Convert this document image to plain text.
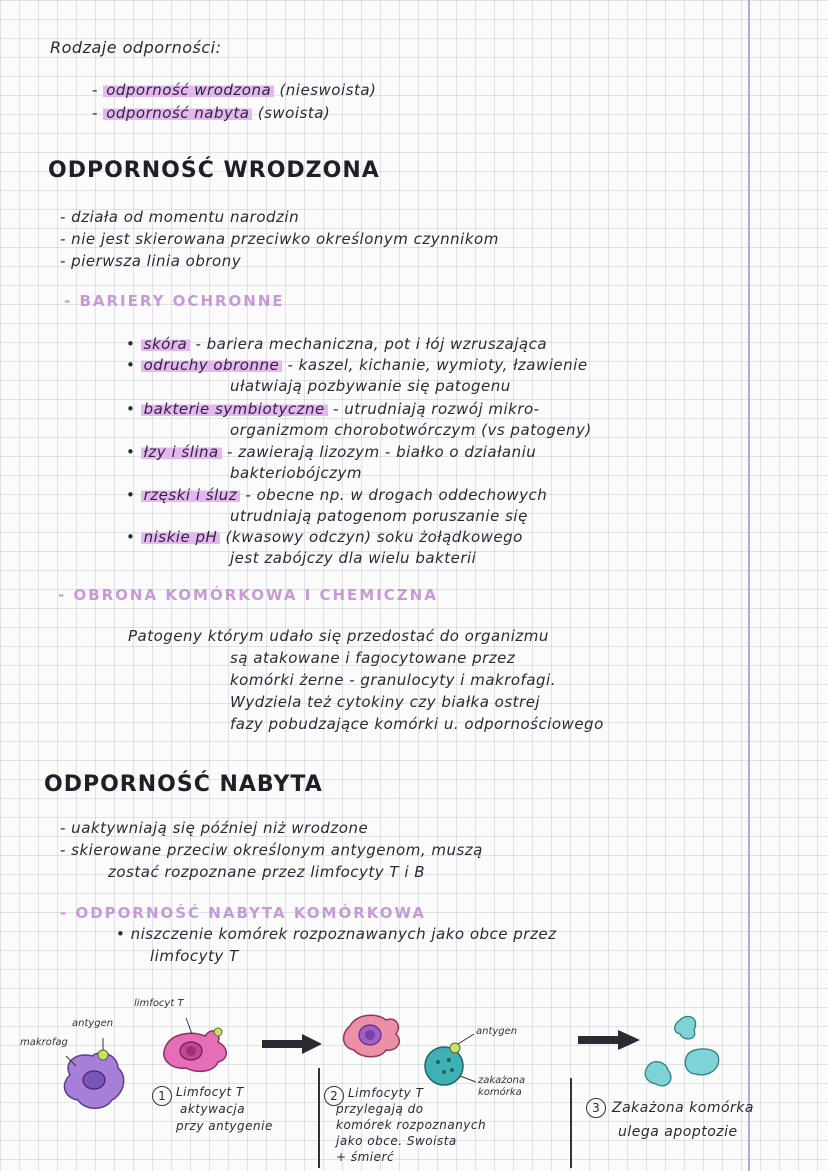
Rodzaje odporności:
- odporność wrodzona (nieswoista)
- odporność nabyta (swoista)
ODPORNOŚĆ WRODZONA
- działa od momentu narodzin
- nie jest skierowana przeciwko określonym czynnikom
- pierwsza linia obrony
- BARIERY OCHRONNE
• skóra - bariera mechaniczna, pot i łój wzruszająca
• odruchy obronne - kaszel, kichanie, wymioty, łzawienie
ułatwiają pozbywanie się patogenu
• bakterie symbiotyczne - utrudniają rozwój mikro-
organizmom chorobotwórczym (vs patogeny)
• łzy i ślina - zawierają lizozym - białko o działaniu
bakteriobójczym
• rzęski i śluz - obecne np. w drogach oddechowych
utrudniają patogenom poruszanie się
• niskie pH (kwasowy odczyn) soku żołądkowego
jest zabójczy dla wielu bakterii
- OBRONA KOMÓRKOWA I CHEMICZNA
Patogeny którym udało się przedostać do organizmu
są atakowane i fagocytowane przez
komórki żerne - granulocyty i makrofagi.
Wydziela też cytokiny czy białka ostrej
fazy pobudzające komórki u. odpornościowego
ODPORNOŚĆ NABYTA
- uaktywniają się później niż wrodzone
- skierowane przeciw określonym antygenom, muszą
zostać rozpoznane przez limfocyty T i B
- ODPORNOŚĆ NABYTA KOMÓRKOWA
• niszczenie komórek rozpoznawanych jako obce przez
limfocyty T
makrofag
antygen
limfocyt T
antygen
zakażona komórka
1 Limfocyt T
aktywacja
przy antygenie
2 Limfocyty T
przylegają do
komórek rozpoznanych
jako obce. Swoista
+ śmierć
3 Zakażona komórka
ulega apoptozie
